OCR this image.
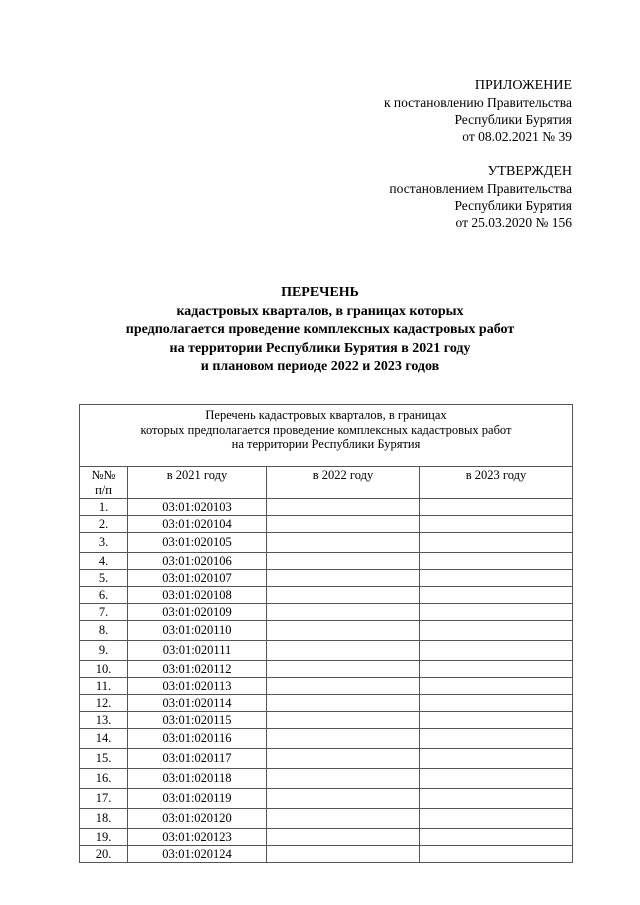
ПРИЛОЖЕНИЕ
к постановлению Правительства
Республики Бурятия
от 08.02.2021 № 39
УТВЕРЖДЕН
постановлением Правительства
Республики Бурятия
от 25.03.2020 № 156
ПЕРЕЧЕНЬ
кадастровых кварталов, в границах которых
предполагается проведение комплексных кадастровых работ
на территории Республики Бурятия в 2021 году
и плановом периоде 2022 и 2023 годов
Перечень кадастровых кварталов, в границах
которых предполагается проведение комплексных кадастровых работ
на территории Республики Бурятия			

№№
п/п	в 2021 году	в 2022 году	в 2023 году
1.	03:01:020103		
2.	03:01:020104		
3.	03:01:020105		
4.	03:01:020106		
5.	03:01:020107		
6.	03:01:020108		
7.	03:01:020109		
8.	03:01:020110		
9.	03:01:020111		
10.	03:01:020112		
11.	03:01:020113		
12.	03:01:020114		
13.	03:01:020115		
14.	03:01:020116		
15.	03:01:020117		
16.	03:01:020118		
17.	03:01:020119		
18.	03:01:020120		
19.	03:01:020123		
20.	03:01:020124		
